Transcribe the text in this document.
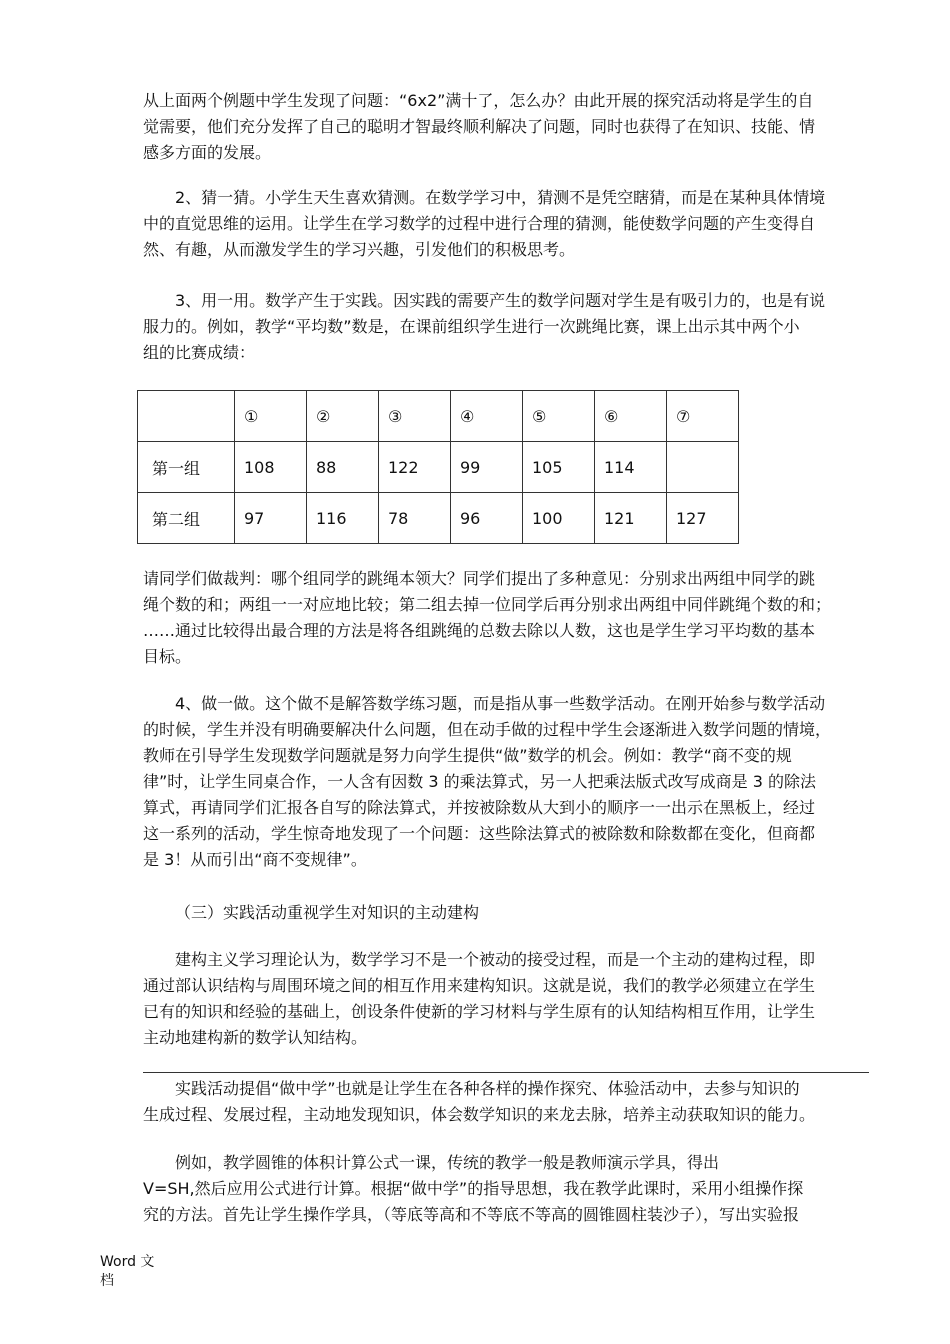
从上面两个例题中学生发现了问题：“6x2”满十了，怎么办？由此开展的探究活动将是学生的自
觉需要，他们充分发挥了自己的聪明才智最终顺利解决了问题，同时也获得了在知识、技能、情
感多方面的发展。

2、猜一猜。小学生天生喜欢猜测。在数学学习中，猜测不是凭空瞎猜，而是在某种具体情境
中的直觉思维的运用。让学生在学习数学的过程中进行合理的猜测，能使数学问题的产生变得自
然、有趣，从而激发学生的学习兴趣，引发他们的积极思考。

3、用一用。数学产生于实践。因实践的需要产生的数学问题对学生是有吸引力的，也是有说
服力的。例如，教学“平均数”数是，在课前组织学生进行一次跳绳比赛，课上出示其中两个小
组的比赛成绩：

	①	②	③	④	⑤	⑥	⑦
第一组	108	88	122	99	105	114	
第二组	97	116	78	96	100	121	127

请同学们做裁判：哪个组同学的跳绳本领大？同学们提出了多种意见：分别求出两组中同学的跳
绳个数的和；两组一一对应地比较；第二组去掉一位同学后再分别求出两组中同伴跳绳个数的和；
……通过比较得出最合理的方法是将各组跳绳的总数去除以人数，这也是学生学习平均数的基本
目标。

4、做一做。这个做不是解答数学练习题，而是指从事一些数学活动。在刚开始参与数学活动
的时候，学生并没有明确要解决什么问题，但在动手做的过程中学生会逐渐进入数学问题的情境，
教师在引导学生发现数学问题就是努力向学生提供“做”数学的机会。例如：教学“商不变的规
律”时，让学生同桌合作，一人含有因数 3 的乘法算式，另一人把乘法版式改写成商是 3 的除法
算式，再请同学们汇报各自写的除法算式，并按被除数从大到小的顺序一一出示在黑板上，经过
这一系列的活动，学生惊奇地发现了一个问题：这些除法算式的被除数和除数都在变化，但商都
是 3！从而引出“商不变规律”。

（三）实践活动重视学生对知识的主动建构

建构主义学习理论认为，数学学习不是一个被动的接受过程，而是一个主动的建构过程，即
通过部认识结构与周围环境之间的相互作用来建构知识。这就是说，我们的教学必须建立在学生
已有的知识和经验的基础上，创设条件使新的学习材料与学生原有的认知结构相互作用，让学生
主动地建构新的数学认知结构。

实践活动提倡“做中学”也就是让学生在各种各样的操作探究、体验活动中，去参与知识的
生成过程、发展过程，主动地发现知识，体会数学知识的来龙去脉，培养主动获取知识的能力。

例如，教学圆锥的体积计算公式一课，传统的教学一般是教师演示学具，得出
V=SH,然后应用公式进行计算。根据“做中学”的指导思想，我在教学此课时，采用小组操作探
究的方法。首先让学生操作学具，（等底等高和不等底不等高的圆锥圆柱装沙子），写出实验报

Word 文
档
